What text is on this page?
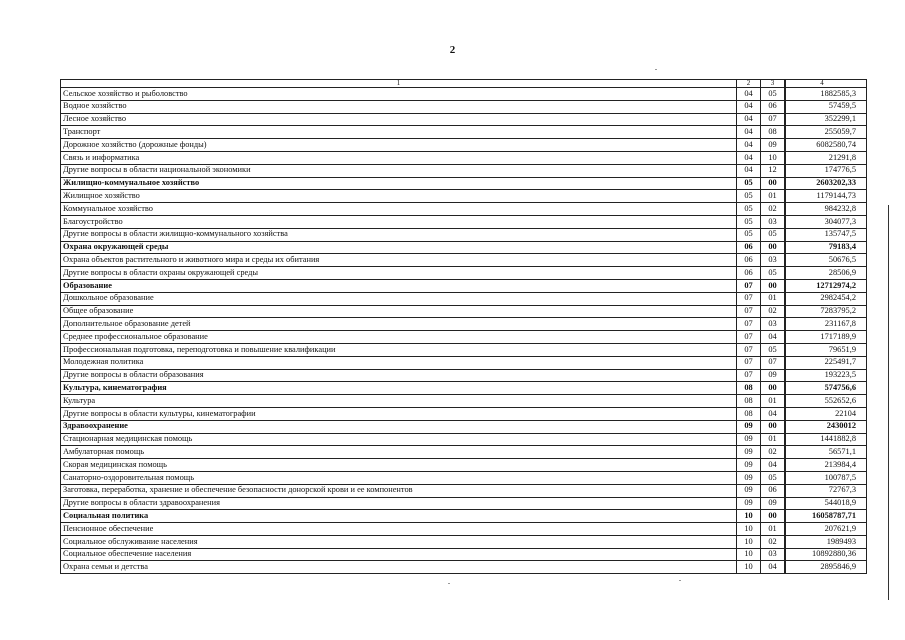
2
1	2	3		4
Сельское хозяйство и рыболовство	04	05		1882585,3
Водное хозяйство	04	06		57459,5
Лесное хозяйство	04	07		352299,1
Транспорт	04	08		255059,7
Дорожное хозяйство (дорожные фонды)	04	09		6082580,74
Связь и информатика	04	10		21291,8
Другие вопросы в области национальной экономики	04	12		174776,5
Жилищно-коммунальное хозяйство	05	00		2603202,33
Жилищное хозяйство	05	01		1179144,73
Коммунальное хозяйство	05	02		984232,8
Благоустройство	05	03		304077,3
Другие вопросы в области жилищно-коммунального хозяйства	05	05		135747,5
Охрана окружающей среды	06	00		79183,4
Охрана объектов растительного и животного мира и среды их обитания	06	03		50676,5
Другие вопросы в области охраны окружающей среды	06	05		28506,9
Образование	07	00		12712974,2
Дошкольное образование	07	01		2982454,2
Общее образование	07	02		7283795,2
Дополнительное образование детей	07	03		231167,8
Среднее профессиональное образование	07	04		1717189,9
Профессиональная подготовка, переподготовка и повышение квалификации	07	05		79651,9
Молодежная политика	07	07		225491,7
Другие вопросы в области образования	07	09		193223,5
Культура, кинематография	08	00		574756,6
Культура	08	01		552652,6
Другие вопросы в области культуры, кинематографии	08	04		22104
Здравоохранение	09	00		2430012
Стационарная медицинская помощь	09	01		1441882,8
Амбулаторная помощь	09	02		56571,1
Скорая медицинская помощь	09	04		213984,4
Санаторно-оздоровительная помощь	09	05		100787,5
Заготовка, переработка, хранение и обеспечение безопасности донорской крови и ее компонентов	09	06		72767,3
Другие вопросы в области здравоохранения	09	09		544018,9
Социальная политика	10	00		16058787,71
Пенсионное обеспечение	10	01		207621,9
Социальное обслуживание населения	10	02		1989493
Социальное обеспечение населения	10	03		10892880,36
Охрана семьи и детства	10	04		2895846,9
